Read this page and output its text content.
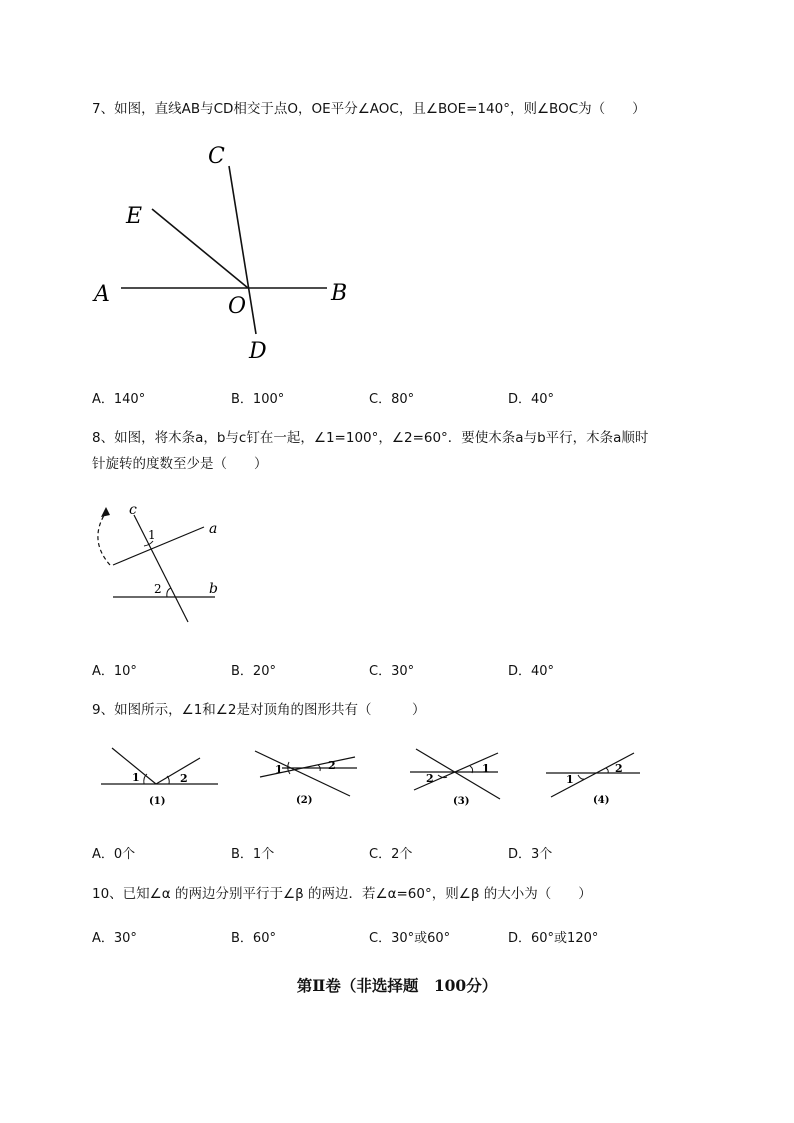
7、如图，直线AB与CD相交于点O，OE平分∠AOC，且∠BOE=140°，则∠BOC为（　　）
C
E
A	B
O
D
c
a
b
1
2
1	2
(1)
1	2
(2)
2
1
(3)
1
2
(4)
A．140°	B．100°	C．80°	D．40°
8、如图，将木条a，b与c钉在一起，∠1=100°，∠2=60°．要使木条a与b平行，木条a顺时
针旋转的度数至少是（　　）
A．10°	B．20°	C．30°	D．40°
9、如图所示，∠1和∠2是对顶角的图形共有（　　　）
A．0个	B．1个	C．2个	D．3个
10、已知∠α 的两边分别平行于∠β 的两边．若∠α=60°，则∠β 的大小为（　　）
A．30°	B．60°	C．30°或60°	D．60°或120°
第Ⅱ卷（非选择题　100分）
